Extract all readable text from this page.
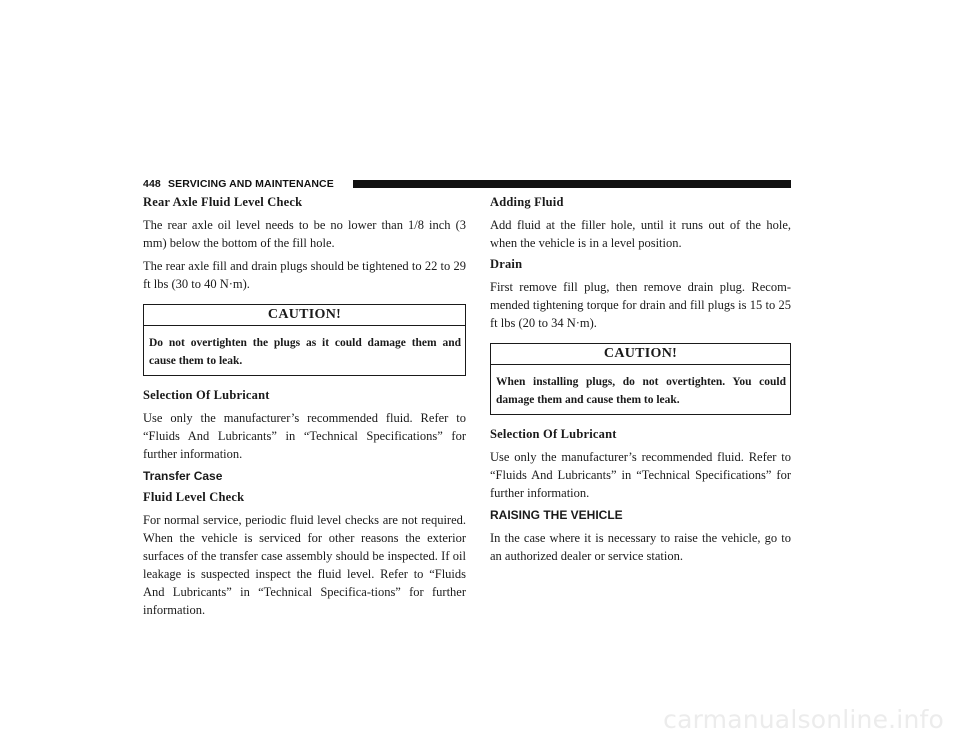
448 SERVICING AND MAINTENANCE
Rear Axle Fluid Level Check
The rear axle oil level needs to be no lower than 1/8 inch (3 mm) below the bottom of the fill hole.
The rear axle fill and drain plugs should be tightened to 22 to 29 ft lbs (30 to 40 N·m).
CAUTION!
Do not overtighten the plugs as it could damage them and cause them to leak.
Selection Of Lubricant
Use only the manufacturer’s recommended fluid. Refer to “Fluids And Lubricants” in “Technical Specifications” for further information.
Transfer Case
Fluid Level Check
For normal service, periodic fluid level checks are not required. When the vehicle is serviced for other reasons the exterior surfaces of the transfer case assembly should be inspected. If oil leakage is suspected inspect the fluid level. Refer to “Fluids And Lubricants” in “Technical Specifica-tions” for further information.
Adding Fluid
Add fluid at the filler hole, until it runs out of the hole, when the vehicle is in a level position.
Drain
First remove fill plug, then remove drain plug. Recom-mended tightening torque for drain and fill plugs is 15 to 25 ft lbs (20 to 34 N·m).
CAUTION!
When installing plugs, do not overtighten. You could damage them and cause them to leak.
Selection Of Lubricant
Use only the manufacturer’s recommended fluid. Refer to “Fluids And Lubricants” in “Technical Specifications” for further information.
RAISING THE VEHICLE
In the case where it is necessary to raise the vehicle, go to an authorized dealer or service station.
carmanualsonline.info
